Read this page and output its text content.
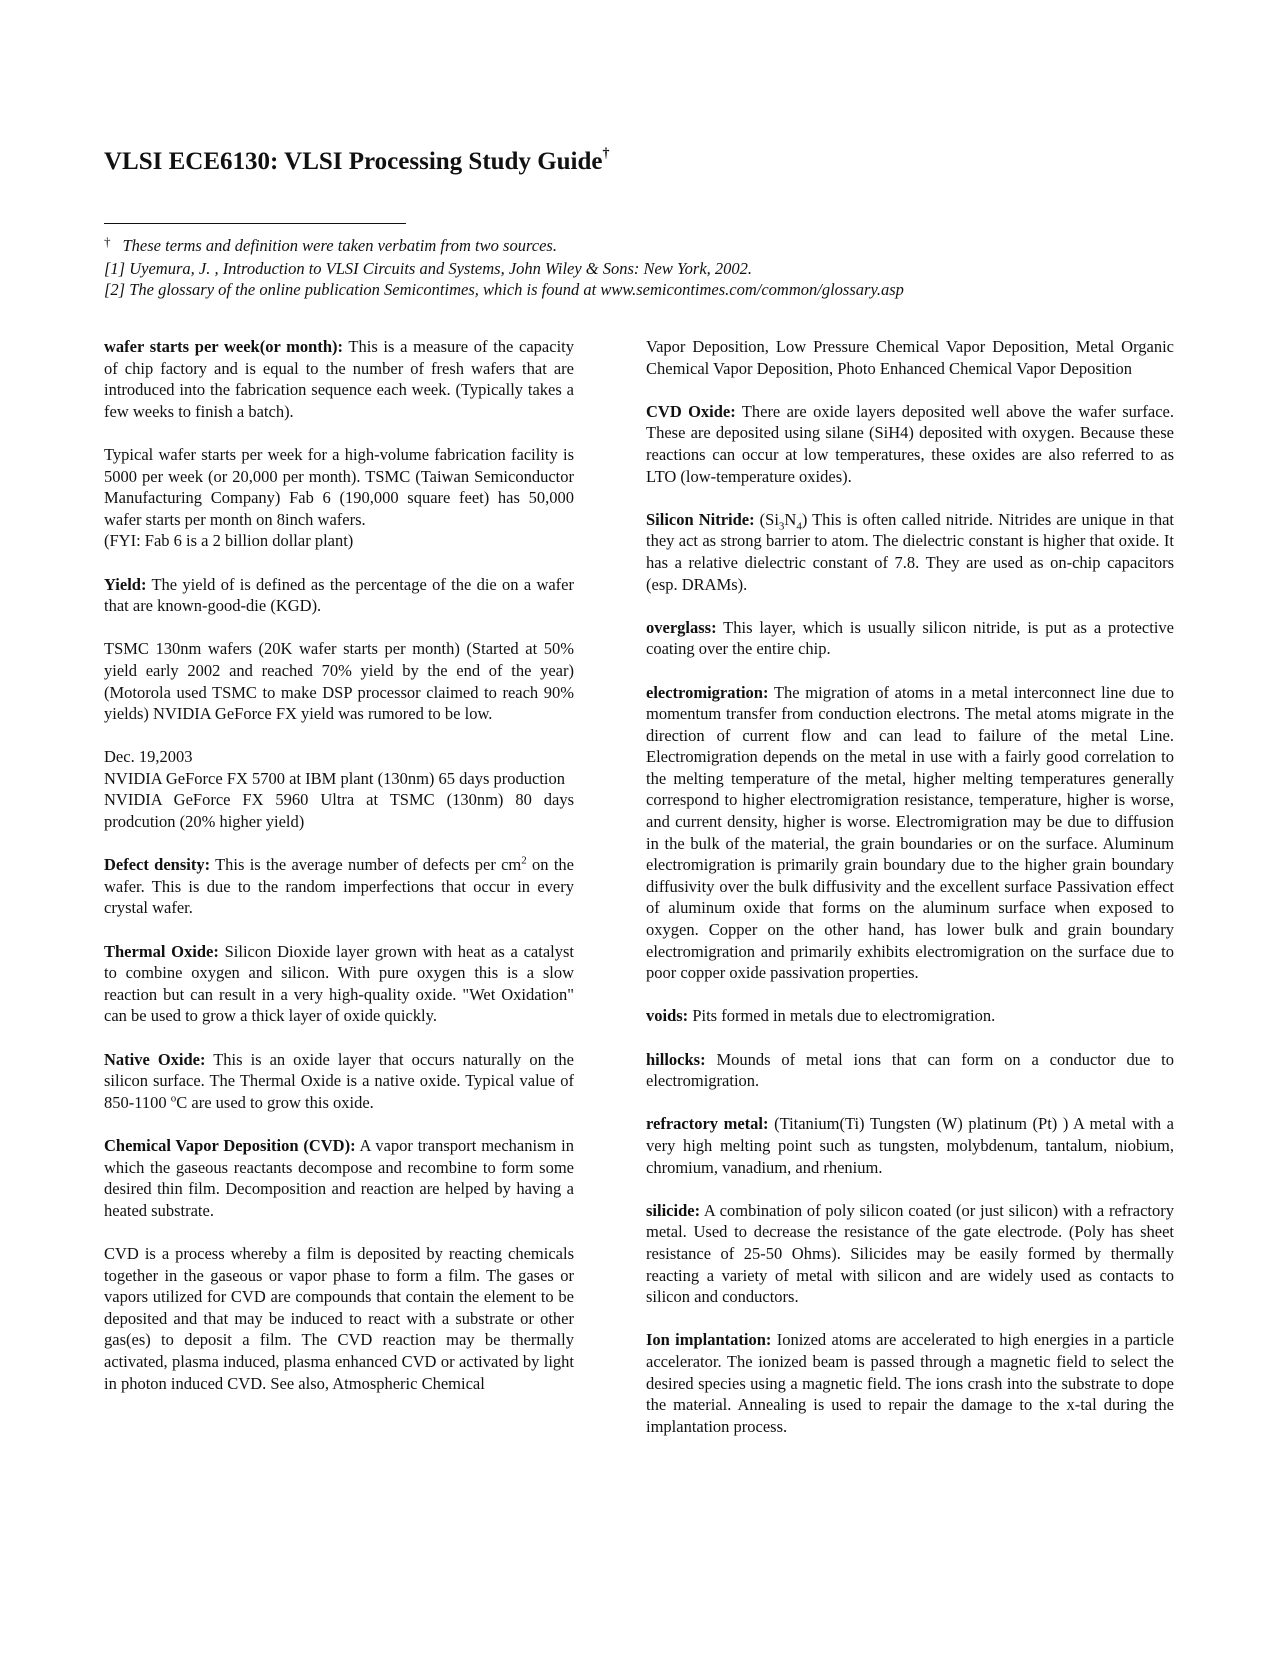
VLSI ECE6130: VLSI Processing Study Guide†
† These terms and definition were taken verbatim from two sources.
[1] Uyemura, J. , Introduction to VLSI Circuits and Systems, John Wiley & Sons: New York, 2002.
[2] The glossary of the online publication Semicontimes, which is found at www.semicontimes.com/common/glossary.asp

wafer starts per week(or month): This is a measure of the capacity of chip factory and is equal to the number of fresh wafers that are introduced into the fabrication sequence each week. (Typically takes a few weeks to finish a batch).

Typical wafer starts per week for a high-volume fabrication facility is 5000 per week (or 20,000 per month). TSMC (Taiwan Semiconductor Manufacturing Company) Fab 6 (190,000 square feet) has 50,000 wafer starts per month on 8inch wafers.

(FYI: Fab 6 is a 2 billion dollar plant)

Yield: The yield of is defined as the percentage of the die on a wafer that are known-good-die (KGD).

TSMC 130nm wafers (20K wafer starts per month) (Started at 50% yield early 2002 and reached 70% yield by the end of the year) (Motorola used TSMC to make DSP processor claimed to reach 90% yields) NVIDIA GeForce FX yield was rumored to be low.

Dec. 19,2003

NVIDIA GeForce FX 5700 at IBM plant (130nm) 65 days production

NVIDIA GeForce FX 5960 Ultra at TSMC (130nm) 80 days prodcution (20% higher yield)

Defect density: This is the average number of defects per $cm^2$ on the wafer. This is due to the random imperfections that occur in every crystal wafer.

Thermal Oxide: Silicon Dioxide layer grown with heat as a catalyst to combine oxygen and silicon. With pure oxygen this is a slow reaction but can result in a very high-quality oxide. "Wet Oxidation" can be used to grow a thick layer of oxide quickly.

Native Oxide: This is an oxide layer that occurs naturally on the silicon surface. The Thermal Oxide is a native oxide. Typical value of 850-1100 $^o$C are used to grow this oxide.

Chemical Vapor Deposition (CVD): A vapor transport mechanism in which the gaseous reactants decompose and recombine to form some desired thin film. Decomposition and reaction are helped by having a heated substrate.

CVD is a process whereby a film is deposited by reacting chemicals together in the gaseous or vapor phase to form a film. The gases or vapors utilized for CVD are compounds that contain the element to be deposited and that may be induced to react with a substrate or other gas(es) to deposit a film. The CVD reaction may be thermally activated, plasma induced, plasma enhanced CVD or activated by light in photon induced CVD. See also, Atmospheric Chemical

Vapor Deposition, Low Pressure Chemical Vapor Deposition, Metal Organic Chemical Vapor Deposition, Photo Enhanced Chemical Vapor Deposition

CVD Oxide: There are oxide layers deposited well above the wafer surface. These are deposited using silane (SiH4) deposited with oxygen. Because these reactions can occur at low temperatures, these oxides are also referred to as LTO (low-temperature oxides).

Silicon Nitride: $(Si_3N_4)$ This is often called nitride. Nitrides are unique in that they act as strong barrier to atom. The dielectric constant is higher that oxide. It has a relative dielectric constant of 7.8. They are used as on-chip capacitors (esp. DRAMs).

overglass: This layer, which is usually silicon nitride, is put as a protective coating over the entire chip.

electromigration: The migration of atoms in a metal interconnect line due to momentum transfer from conduction electrons. The metal atoms migrate in the direction of current flow and can lead to failure of the metal Line. Electromigration depends on the metal in use with a fairly good correlation to the melting temperature of the metal, higher melting temperatures generally correspond to higher electromigration resistance, temperature, higher is worse, and current density, higher is worse. Electromigration may be due to diffusion in the bulk of the material, the grain boundaries or on the surface. Aluminum electromigration is primarily grain boundary due to the higher grain boundary diffusivity over the bulk diffusivity and the excellent surface Passivation effect of aluminum oxide that forms on the aluminum surface when exposed to oxygen. Copper on the other hand, has lower bulk and grain boundary electromigration and primarily exhibits electromigration on the surface due to poor copper oxide passivation properties.

voids: Pits formed in metals due to electromigration.

hillocks: Mounds of metal ions that can form on a conductor due to electromigration.

refractory metal: (Titanium(Ti) Tungsten (W) platinum (Pt) ) A metal with a very high melting point such as tungsten, molybdenum, tantalum, niobium, chromium, vanadium, and rhenium.

silicide: A combination of poly silicon coated (or just silicon) with a refractory metal. Used to decrease the resistance of the gate electrode. (Poly has sheet resistance of 25-50 Ohms). Silicides may be easily formed by thermally reacting a variety of metal with silicon and are widely used as contacts to silicon and conductors.

Ion implantation: Ionized atoms are accelerated to high energies in a particle accelerator. The ionized beam is passed through a magnetic field to select the desired species using a magnetic field. The ions crash into the substrate to dope the material. Annealing is used to repair the damage to the x-tal during the implantation process.
